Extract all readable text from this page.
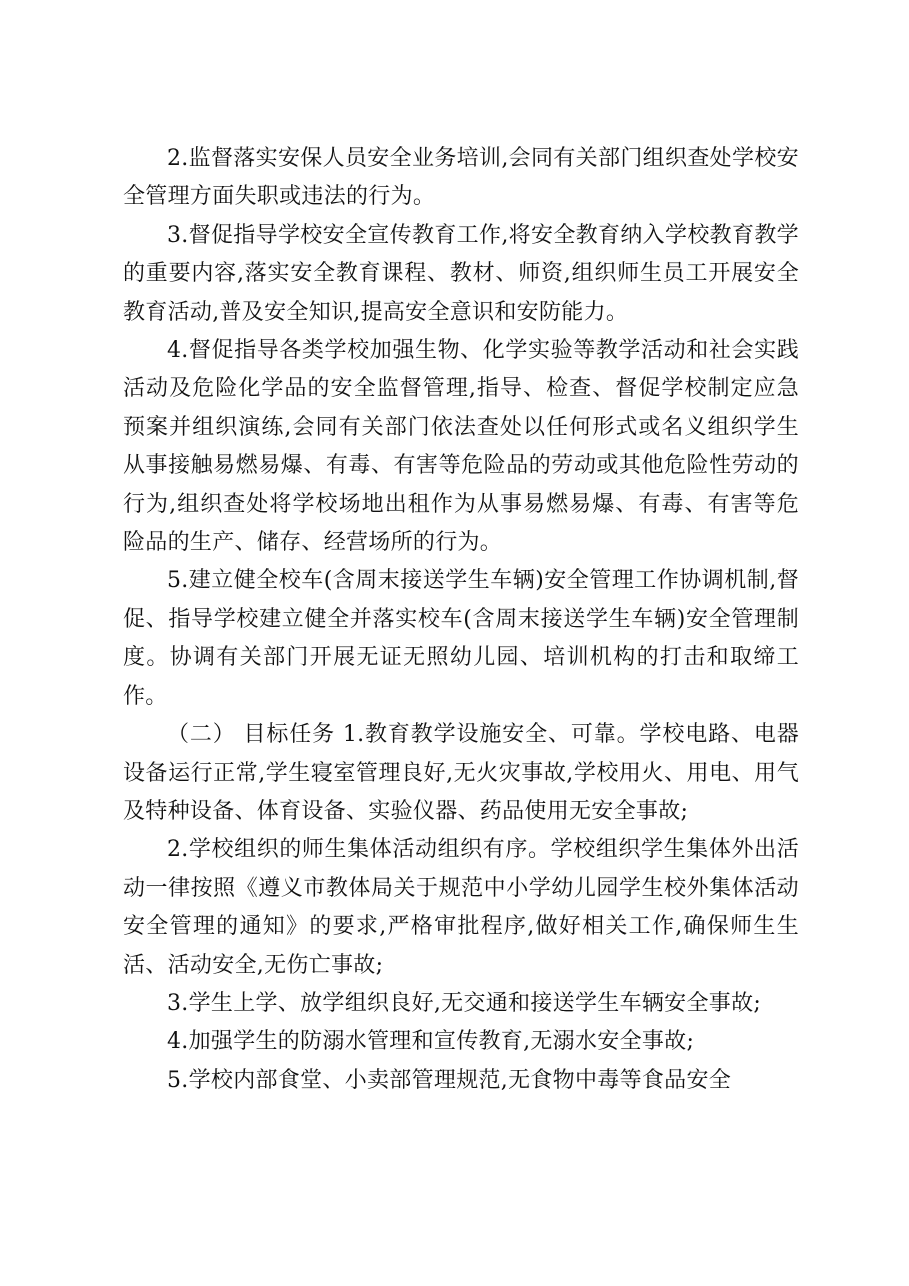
2.监督落实安保人员安全业务培训,会同有关部门组织查处学校安全管理方面失职或违法的行为。

3.督促指导学校安全宣传教育工作,将安全教育纳入学校教育教学的重要内容,落实安全教育课程、教材、师资,组织师生员工开展安全教育活动,普及安全知识,提高安全意识和安防能力。

4.督促指导各类学校加强生物、化学实验等教学活动和社会实践活动及危险化学品的安全监督管理,指导、检查、督促学校制定应急预案并组织演练,会同有关部门依法查处以任何形式或名义组织学生从事接触易燃易爆、有毒、有害等危险品的劳动或其他危险性劳动的行为,组织查处将学校场地出租作为从事易燃易爆、有毒、有害等危险品的生产、储存、经营场所的行为。

5.建立健全校车(含周末接送学生车辆)安全管理工作协调机制,督促、指导学校建立健全并落实校车(含周末接送学生车辆)安全管理制度。协调有关部门开展无证无照幼儿园、培训机构的打击和取缔工作。

（二） 目标任务 1.教育教学设施安全、可靠。学校电路、电器设备运行正常,学生寝室管理良好,无火灾事故,学校用火、用电、用气及特种设备、体育设备、实验仪器、药品使用无安全事故;

2.学校组织的师生集体活动组织有序。学校组织学生集体外出活动一律按照《遵义市教体局关于规范中小学幼儿园学生校外集体活动安全管理的通知》的要求,严格审批程序,做好相关工作,确保师生生活、活动安全,无伤亡事故;

3.学生上学、放学组织良好,无交通和接送学生车辆安全事故;

4.加强学生的防溺水管理和宣传教育,无溺水安全事故;

5.学校内部食堂、小卖部管理规范,无食物中毒等食品安全
